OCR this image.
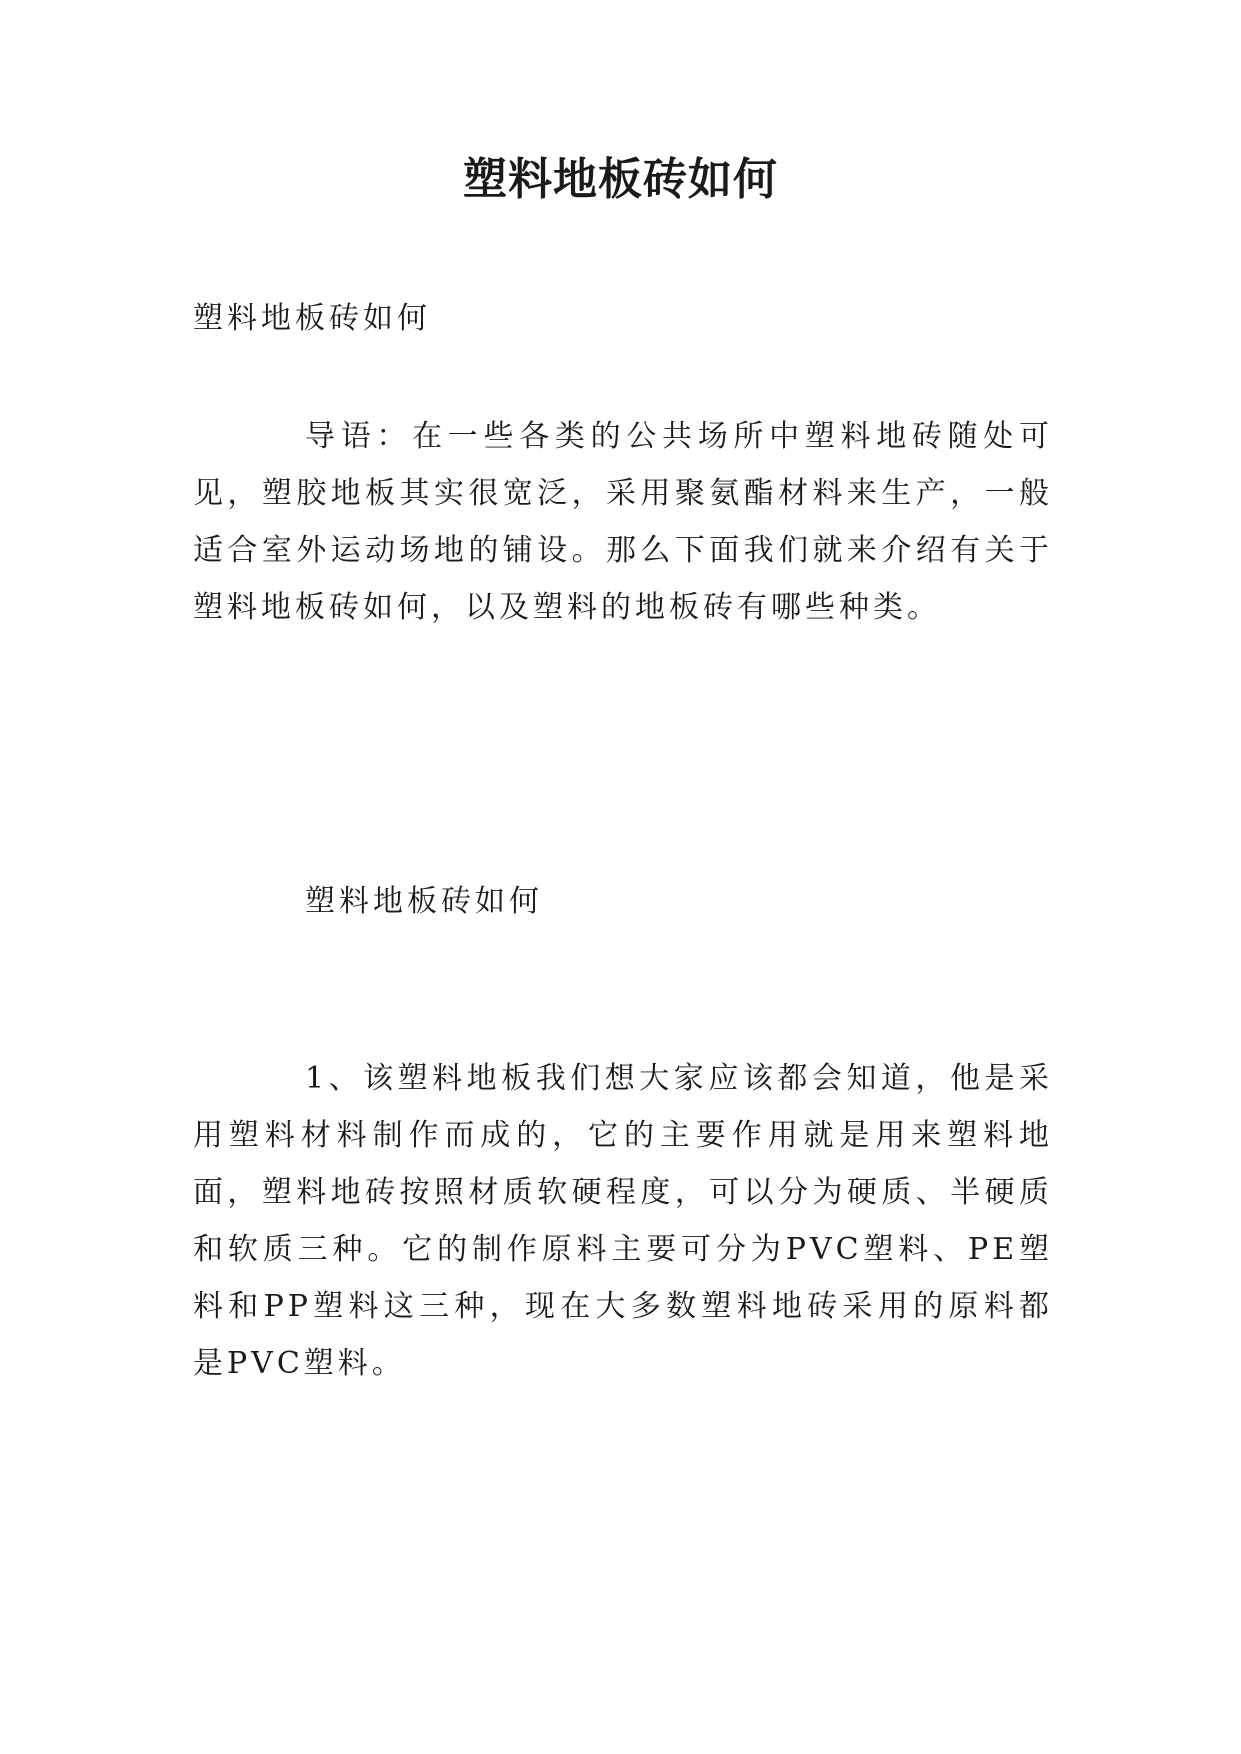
塑料地板砖如何

塑料地板砖如何

导语：在一些各类的公共场所中塑料地砖随处可见，塑胶地板其实很宽泛，采用聚氨酯材料来生产，一般适合室外运动场地的铺设。那么下面我们就来介绍有关于塑料地板砖如何，以及塑料的地板砖有哪些种类。

塑料地板砖如何

1、该塑料地板我们想大家应该都会知道，他是采用塑料材料制作而成的，它的主要作用就是用来塑料地面，塑料地砖按照材质软硬程度，可以分为硬质、半硬质和软质三种。它的制作原料主要可分为PVC塑料、PE塑料和PP塑料这三种，现在大多数塑料地砖采用的原料都是PVC塑料。
